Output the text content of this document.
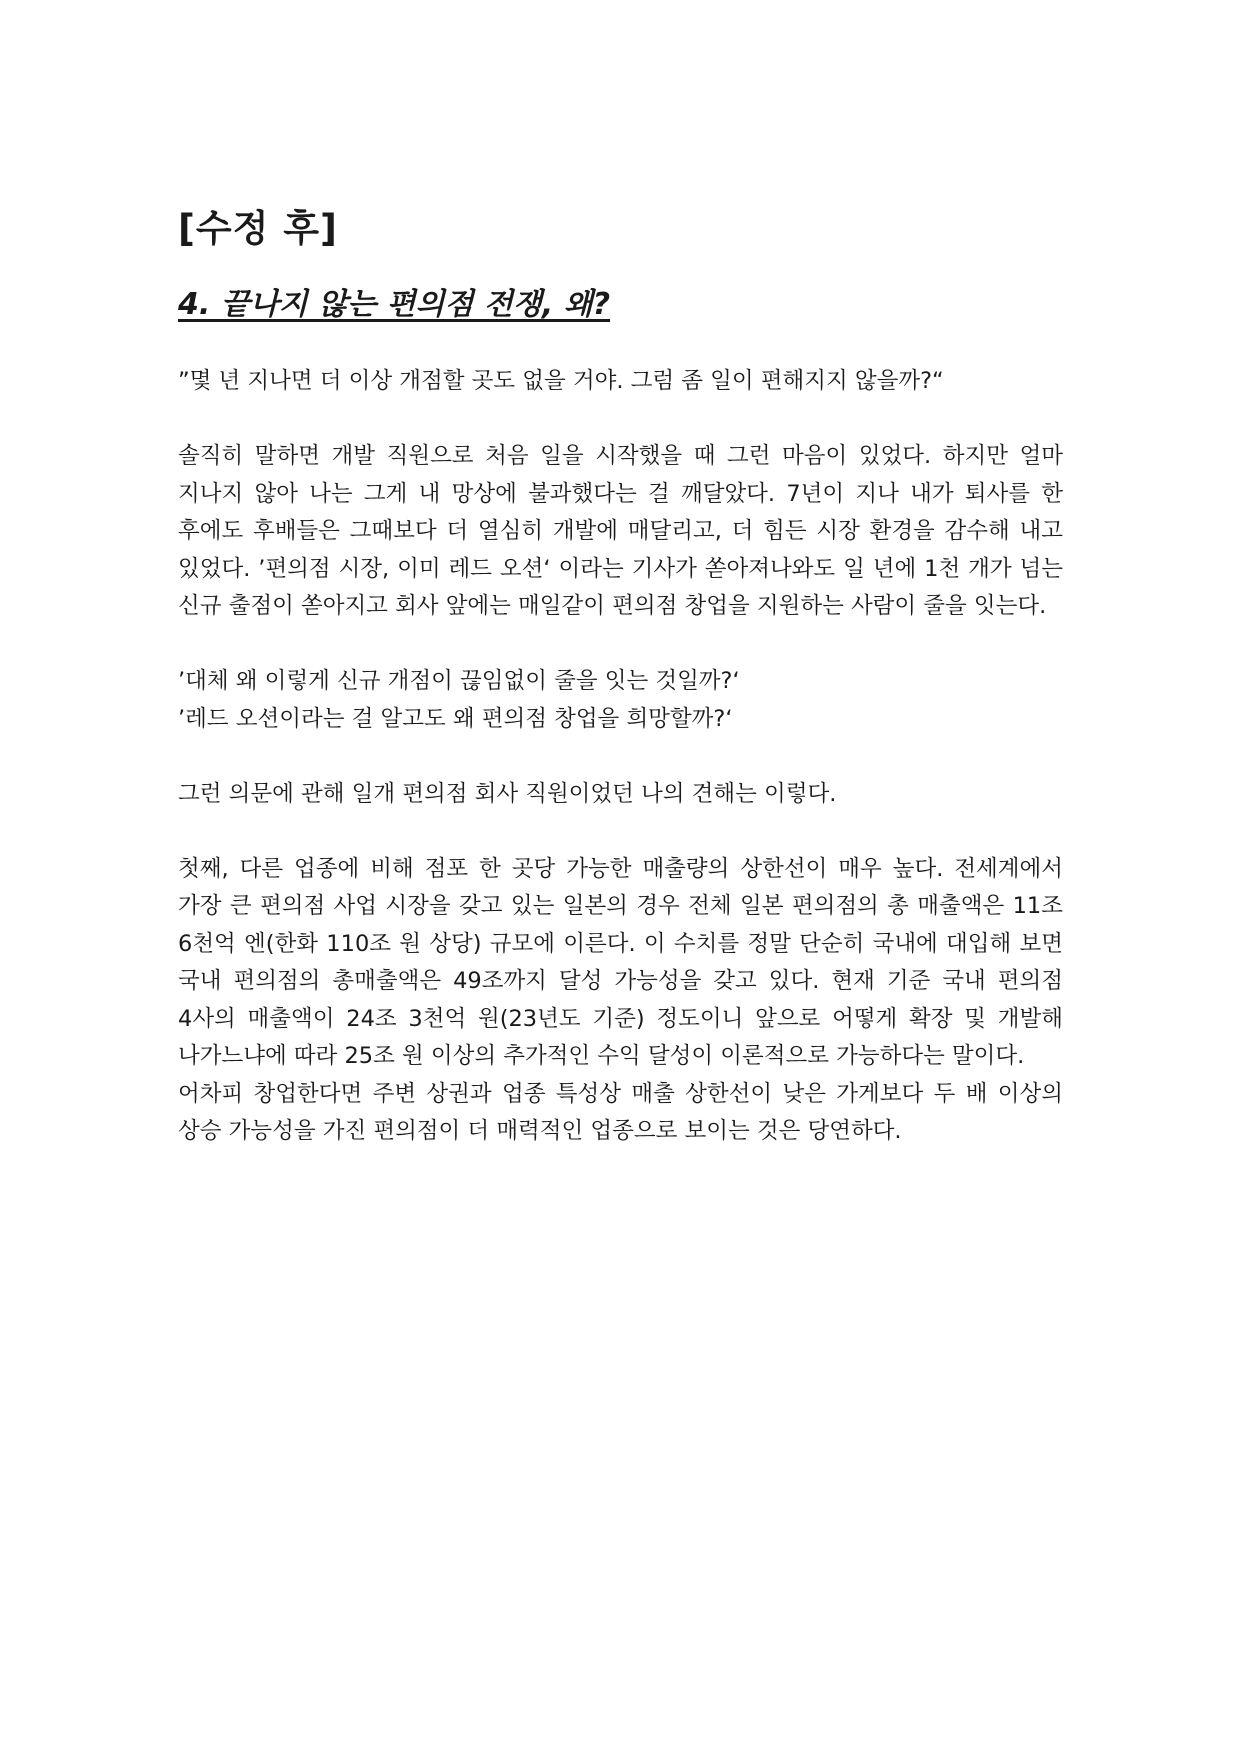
[수정 후]
4. 끝나지 않는 편의점 전쟁, 왜?

”몇 년 지나면 더 이상 개점할 곳도 없을 거야. 그럼 좀 일이 편해지지 않을까?“

솔직히 말하면 개발 직원으로 처음 일을 시작했을 때 그런 마음이 있었다. 하지만 얼마 지나지 않아 나는 그게 내 망상에 불과했다는 걸 깨달았다. 7년이 지나 내가 퇴사를 한 후에도 후배들은 그때보다 더 열심히 개발에 매달리고, 더 힘든 시장 환경을 감수해 내고 있었다. ’편의점 시장, 이미 레드 오션‘ 이라는 기사가 쏟아져나와도 일 년에 1천 개가 넘는 신규 출점이 쏟아지고 회사 앞에는 매일같이 편의점 창업을 지원하는 사람이 줄을 잇는다.

’대체 왜 이렇게 신규 개점이 끊임없이 줄을 잇는 것일까?‘

’레드 오션이라는 걸 알고도 왜 편의점 창업을 희망할까?‘

그런 의문에 관해 일개 편의점 회사 직원이었던 나의 견해는 이렇다.

첫째, 다른 업종에 비해 점포 한 곳당 가능한 매출량의 상한선이 매우 높다. 전세계에서 가장 큰 편의점 사업 시장을 갖고 있는 일본의 경우 전체 일본 편의점의 총 매출액은 11조 6천억 엔(한화 110조 원 상당) 규모에 이른다. 이 수치를 정말 단순히 국내에 대입해 보면 국내 편의점의 총매출액은 49조까지 달성 가능성을 갖고 있다. 현재 기준 국내 편의점 4사의 매출액이 24조 3천억 원(23년도 기준) 정도이니 앞으로 어떻게 확장 및 개발해 나가느냐에 따라 25조 원 이상의 추가적인 수익 달성이 이론적으로 가능하다는 말이다.

어차피 창업한다면 주변 상권과 업종 특성상 매출 상한선이 낮은 가게보다 두 배 이상의 상승 가능성을 가진 편의점이 더 매력적인 업종으로 보이는 것은 당연하다.
